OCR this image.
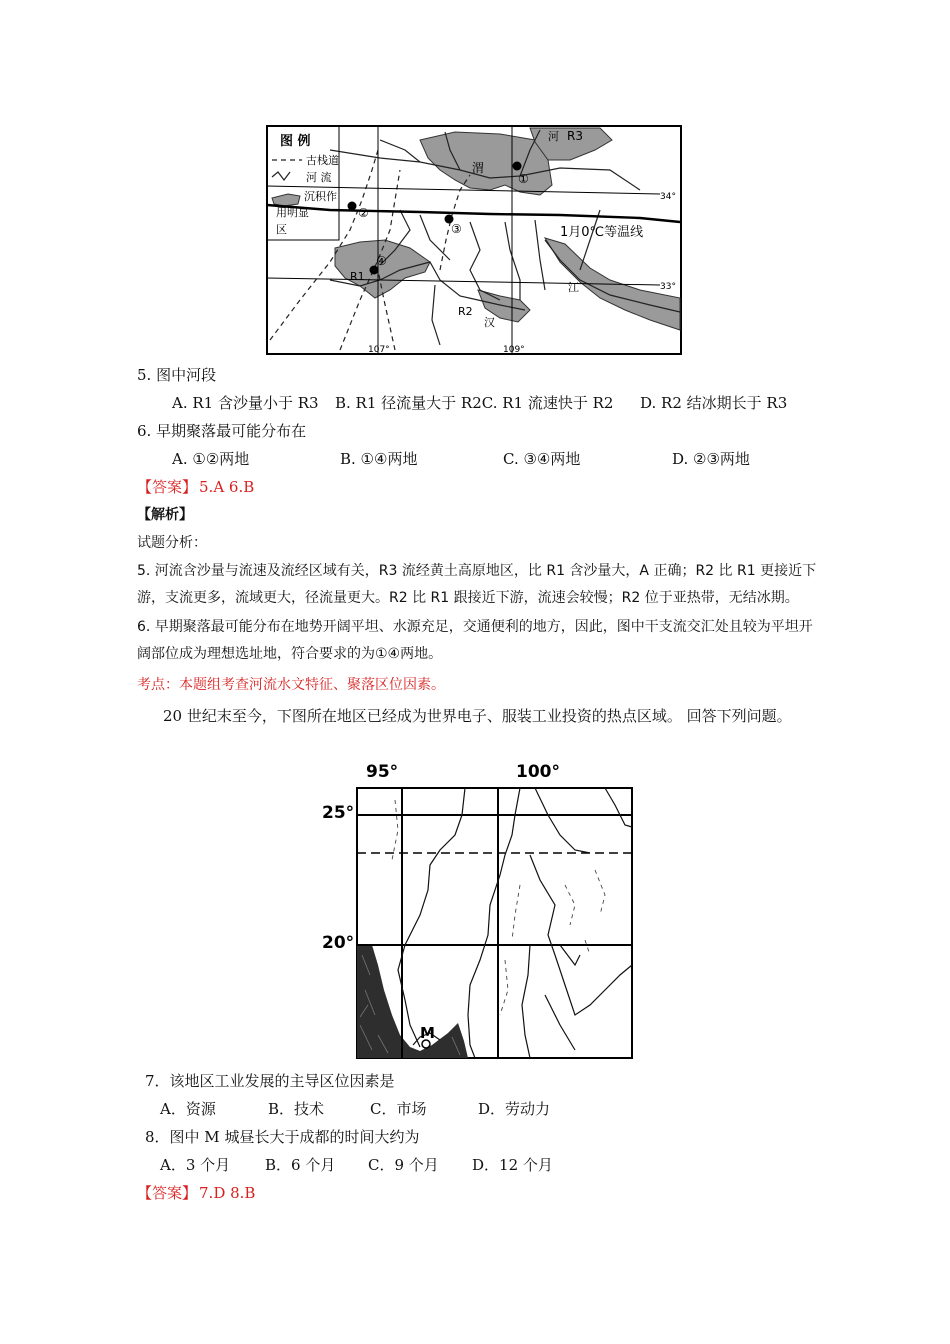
图 例
古栈道
河 流
沉积作
用明显
区
R3
河
渭
①
②
③
④
1月0℃等温线
34°
33°
R1
R2
汉
江
107°	109°
5. 图中河段
A. R1 含沙量小于 R3 B. R1 径流量大于 R2C. R1 流速快于 R2 D. R2 结冰期长于 R3
6. 早期聚落最可能分布在
A. ①②两地	B. ①④两地	C. ③④两地	D. ②③两地
【答案】 5.A 6.B
【解析】
试题分析：
5. 河流含沙量与流速及流经区域有关，R3 流经黄土高原地区，比 R1 含沙量大，A 正确；R2 比 R1 更接近下游，支流更多，流域更大，径流量更大。R2 比 R1 跟接近下游，流速会较慢；R2 位于亚热带，无结冰期。
6. 早期聚落最可能分布在地势开阔平坦、水源充足，交通便利的地方，因此，图中干支流交汇处且较为平坦开阔部位成为理想选址地，符合要求的为①④两地。
考点：本题组考查河流水文特征、聚落区位因素。
20 世纪末至今，下图所在地区已经成为世界电子、服装工业投资的热点区域。 回答下列问题。
95°	100°
25°
20°
M
7．该地区工业发展的主导区位因素是
A．资源	B．技术	C．市场	D．劳动力
8．图中 M 城昼长大于成都的时间大约为
A．3 个月 B．6 个月 C．9 个月 D．12 个月
【答案】 7.D 8.B
